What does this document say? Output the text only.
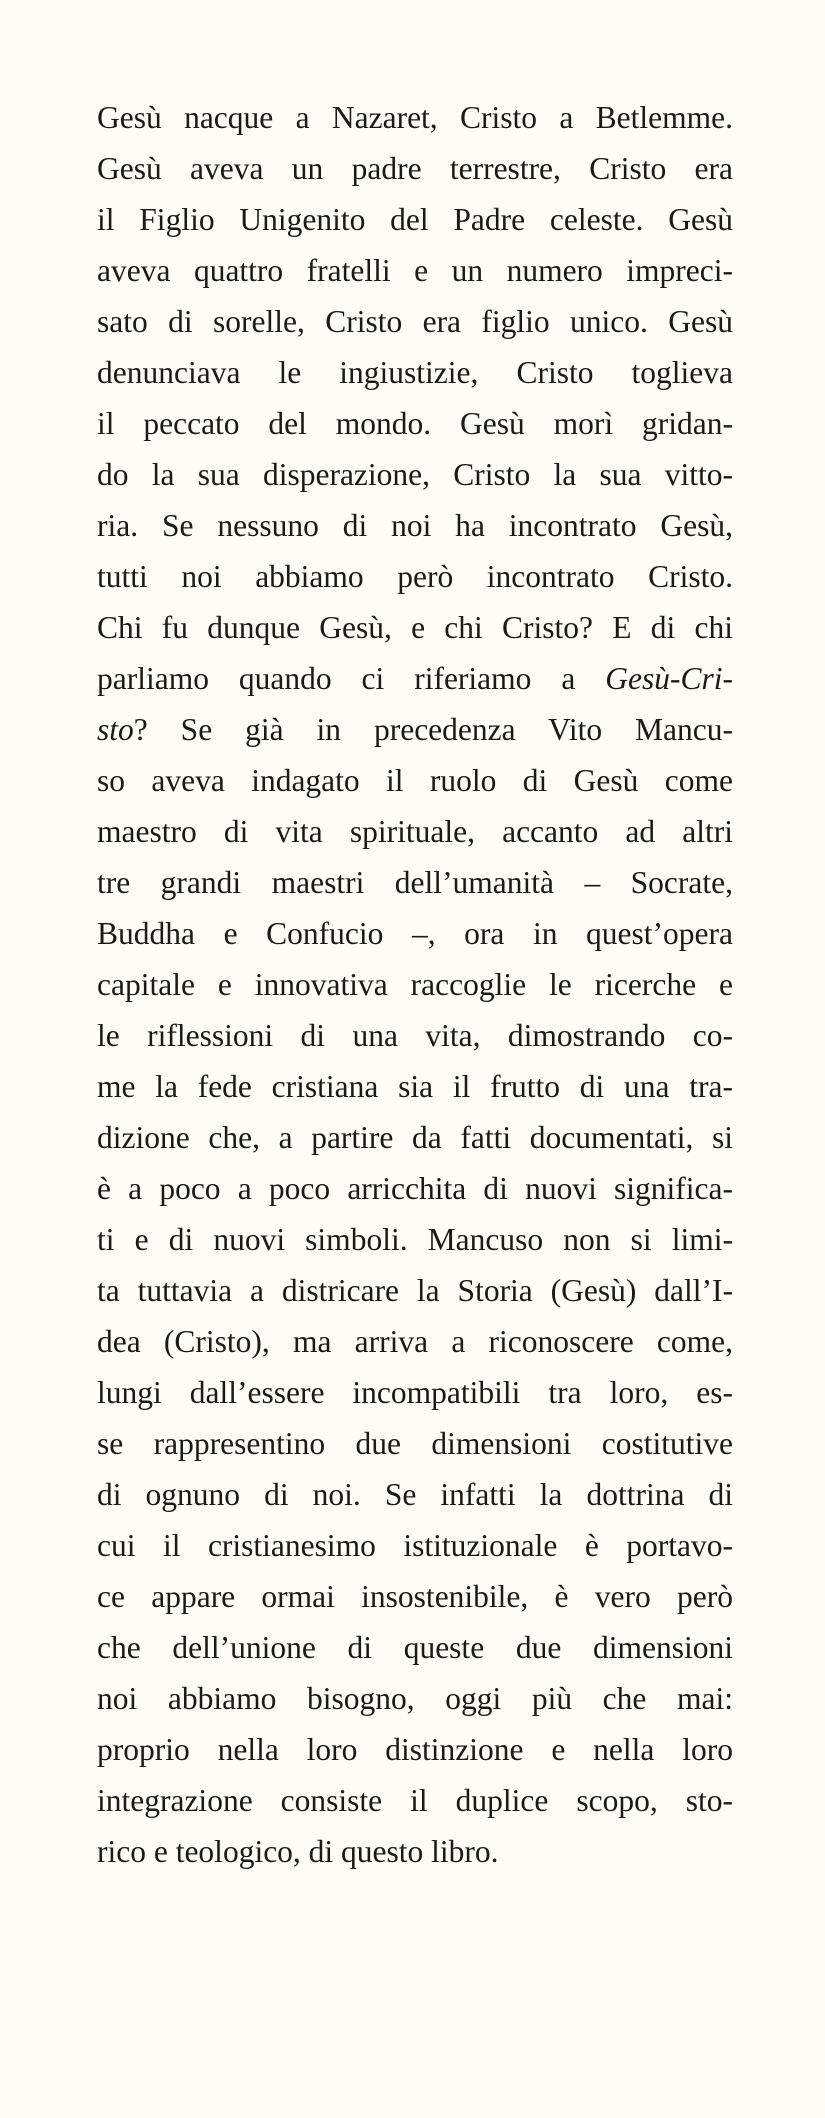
Gesù nacque a Nazaret, Cristo a Betlemme.
Gesù aveva un padre terrestre, Cristo era
il Figlio Unigenito del Padre celeste. Gesù
aveva quattro fratelli e un numero impreci-
sato di sorelle, Cristo era figlio unico. Gesù
denunciava le ingiustizie, Cristo toglieva
il peccato del mondo. Gesù morì gridan-
do la sua disperazione, Cristo la sua vitto-
ria. Se nessuno di noi ha incontrato Gesù,
tutti noi abbiamo però incontrato Cristo.
Chi fu dunque Gesù, e chi Cristo? E di chi
parliamo quando ci riferiamo a Gesù-Cri-
sto? Se già in precedenza Vito Mancu-
so aveva indagato il ruolo di Gesù come
maestro di vita spirituale, accanto ad altri
tre grandi maestri dell’umanità – Socrate,
Buddha e Confucio –, ora in quest’opera
capitale e innovativa raccoglie le ricerche e
le riflessioni di una vita, dimostrando co-
me la fede cristiana sia il frutto di una tra-
dizione che, a partire da fatti documentati, si
è a poco a poco arricchita di nuovi significa-
ti e di nuovi simboli. Mancuso non si limi-
ta tuttavia a districare la Storia (Gesù) dall’I-
dea (Cristo), ma arriva a riconoscere come,
lungi dall’essere incompatibili tra loro, es-
se rappresentino due dimensioni costitutive
di ognuno di noi. Se infatti la dottrina di
cui il cristianesimo istituzionale è portavo-
ce appare ormai insostenibile, è vero però
che dell’unione di queste due dimensioni
noi abbiamo bisogno, oggi più che mai:
proprio nella loro distinzione e nella loro
integrazione consiste il duplice scopo, sto-
rico e teologico, di questo libro.
